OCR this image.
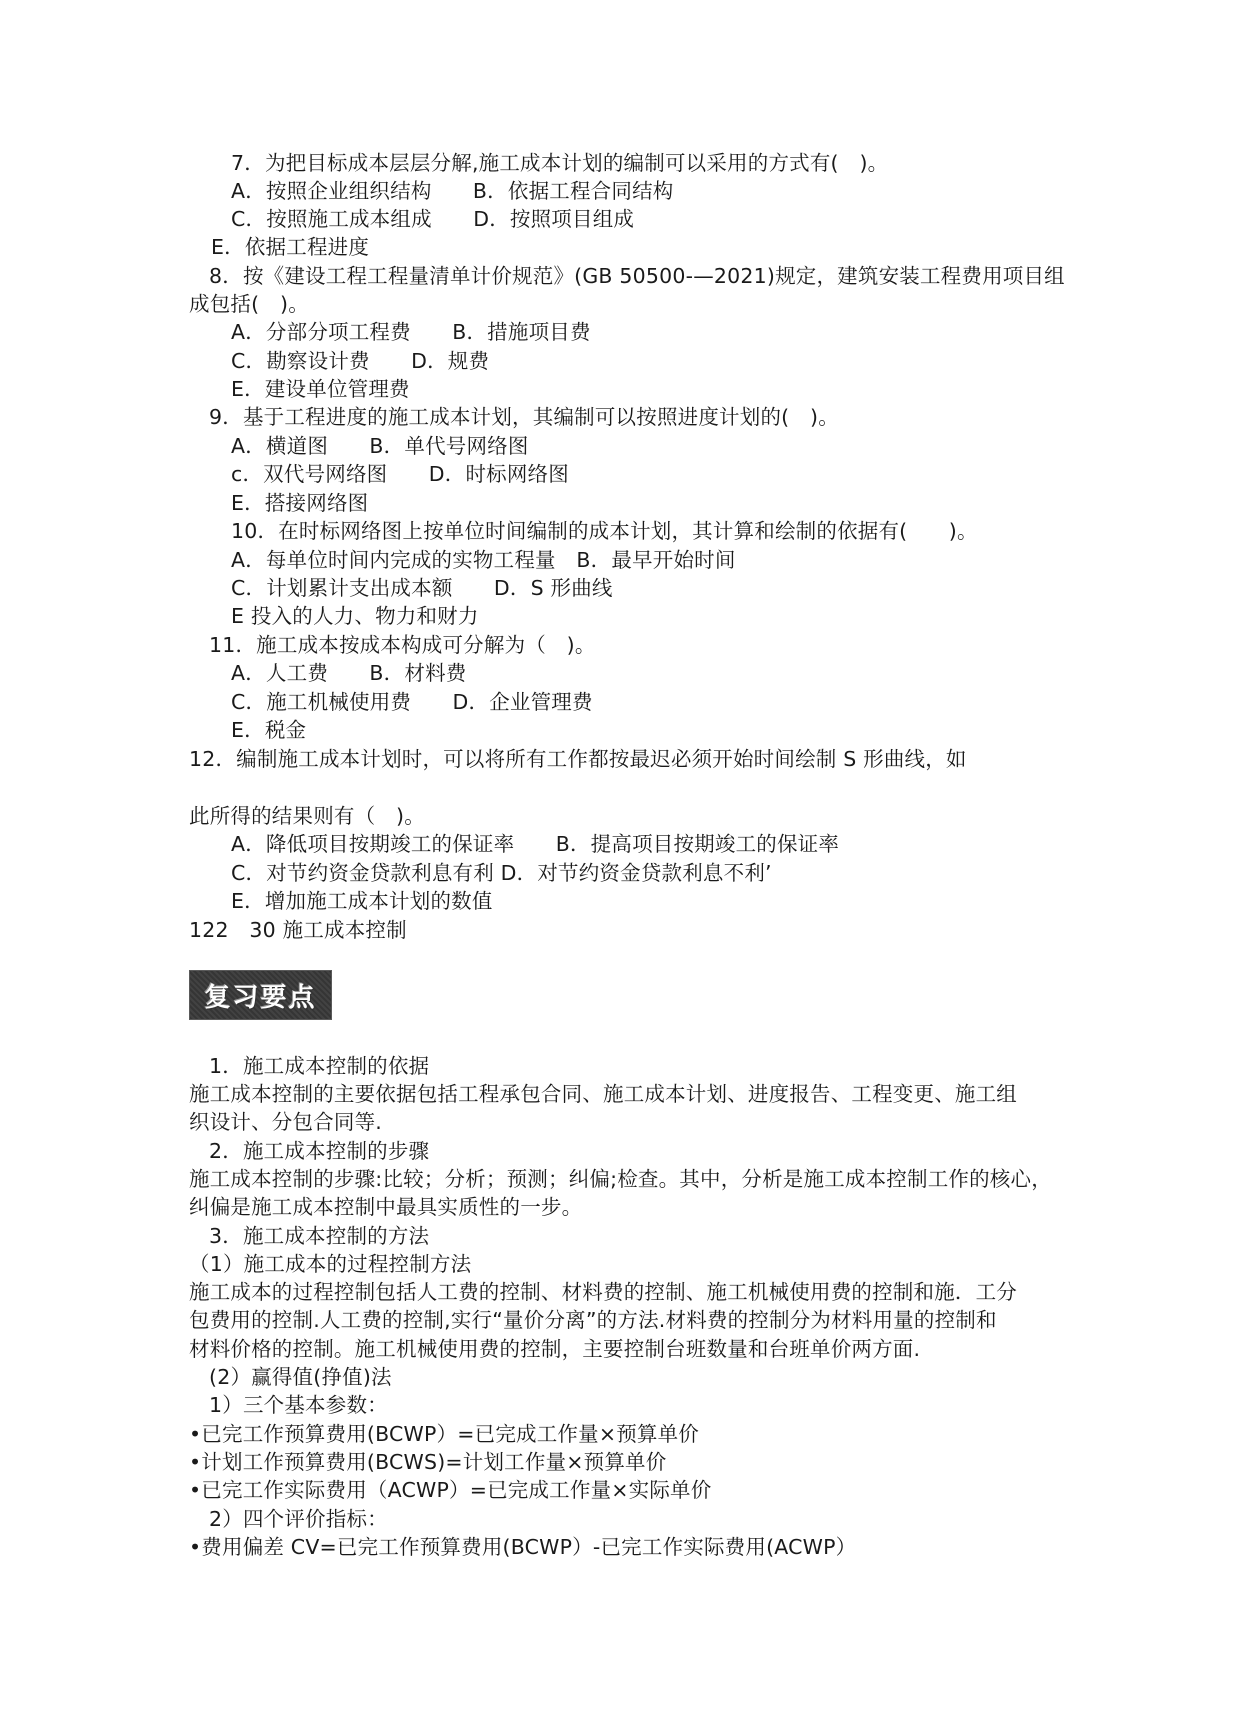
7．为把目标成本层层分解,施工成本计划的编制可以采用的方式有(　)。
A．按照企业组织结构　　B．依据工程合同结构
C．按照施工成本组成　　D．按照项目组成
E．依据工程进度
8．按《建设工程工程量清单计价规范》(GB 50500-—2021)规定，建筑安装工程费用项目组
成包括(　)。
A．分部分项工程费　　B．措施项目费
C．勘察设计费　　D．规费
E．建设单位管理费
9．基于工程进度的施工成本计划，其编制可以按照进度计划的(　)。
A．横道图　　B．单代号网络图
c．双代号网络图　　D．时标网络图
E．搭接网络图
10．在时标网络图上按单位时间编制的成本计划，其计算和绘制的依据有(　　)。
A．每单位时间内完成的实物工程量　B．最早开始时间
C．计划累计支出成本额　　D．S 形曲线
E 投入的人力、物力和财力
11．施工成本按成本构成可分解为（　)。
A．人工费　　B．材料费
C．施工机械使用费　　D．企业管理费
E．税金
12．编制施工成本计划时，可以将所有工作都按最迟必须开始时间绘制 S 形曲线，如
此所得的结果则有（　)。
A．降低项目按期竣工的保证率　　B．提高项目按期竣工的保证率
C．对节约资金贷款利息有利 D．对节约资金贷款利息不利’
E．增加施工成本计划的数值
122　30 施工成本控制
复习要点
1．施工成本控制的依据
施工成本控制的主要依据包括工程承包合同、施工成本计划、进度报告、工程变更、施工组
织设计、分包合同等.
2．施工成本控制的步骤
施工成本控制的步骤:比较；分析；预测；纠偏;检查。其中，分析是施工成本控制工作的核心，
纠偏是施工成本控制中最具实质性的一步。
3．施工成本控制的方法
（1）施工成本的过程控制方法
施工成本的过程控制包括人工费的控制、材料费的控制、施工机械使用费的控制和施．工分
包费用的控制.人工费的控制,实行“量价分离”的方法.材料费的控制分为材料用量的控制和
材料价格的控制。施工机械使用费的控制，主要控制台班数量和台班单价两方面.
(2）赢得值(挣值)法
1）三个基本参数：
•已完工作预算费用(BCWP）=已完成工作量×预算单价
•计划工作预算费用(BCWS)=计划工作量×预算单价
•已完工作实际费用（ACWP）=已完成工作量×实际单价
2）四个评价指标：
•费用偏差 CV=已完工作预算费用(BCWP）-已完工作实际费用(ACWP）
